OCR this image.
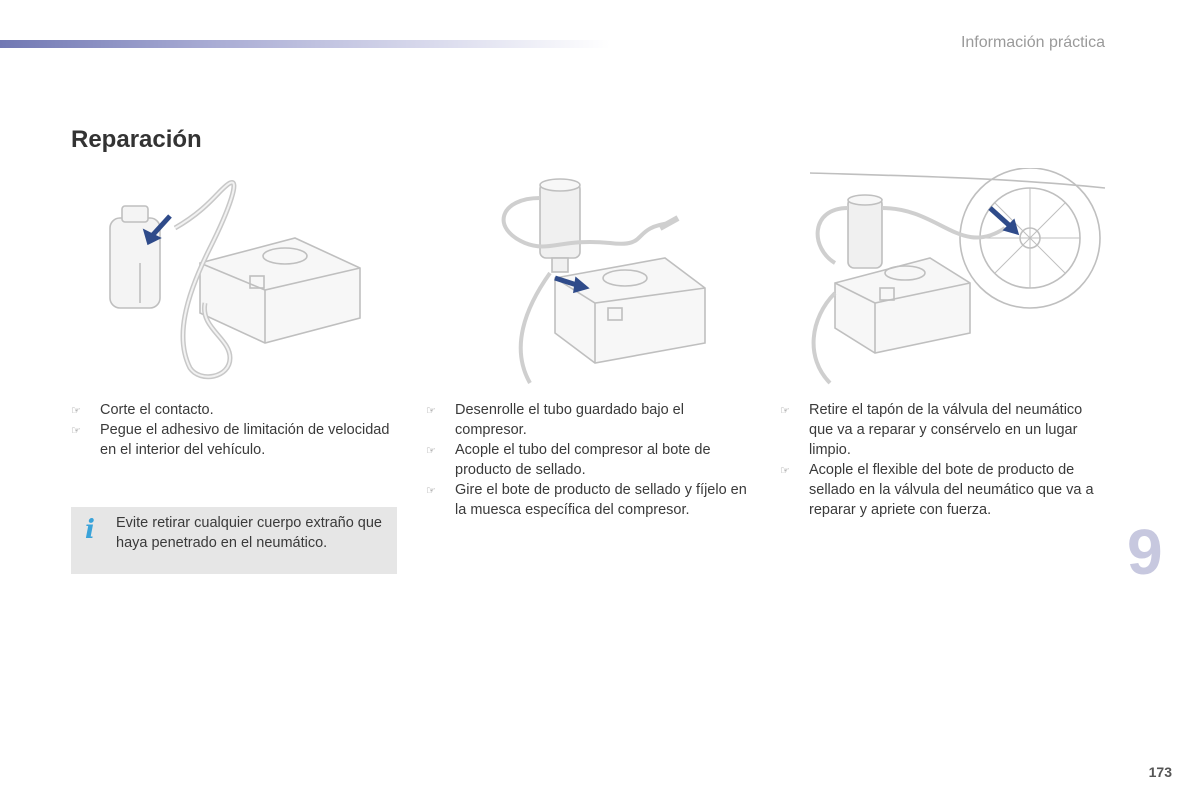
Información práctica
Reparación
☞ Corte el contacto.
☞ Pegue el adhesivo de limitación de velocidad en el interior del vehículo.
☞ Desenrolle el tubo guardado bajo el compresor.
☞ Acople el tubo del compresor al bote de producto de sellado.
☞ Gire el bote de producto de sellado y fíjelo en la muesca específica del compresor.
☞ Retire el tapón de la válvula del neumático que va a reparar y consérvelo en un lugar limpio.
☞ Acople el flexible del bote de producto de sellado en la válvula del neumático que va a reparar y apriete con fuerza.
i Evite retirar cualquier cuerpo extraño que haya penetrado en el neumático.	9
173
